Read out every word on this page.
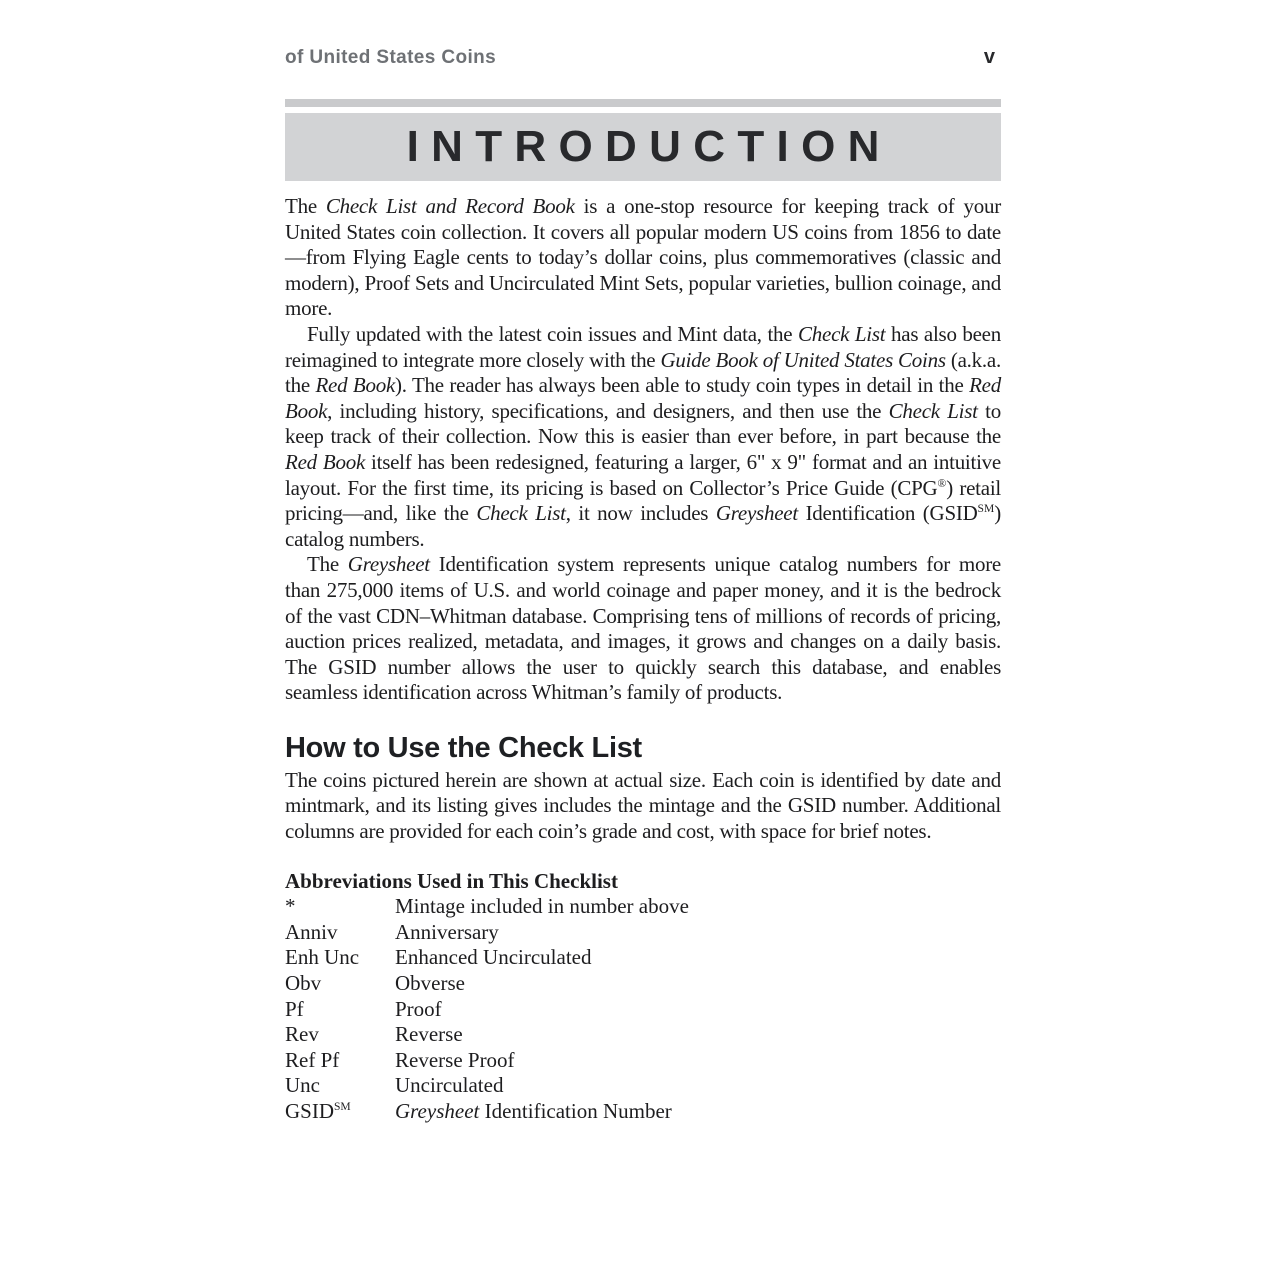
of United States Coins	v
INTRODUCTION

The Check List and Record Book is a one-stop resource for keeping track of your United States coin collection. It covers all popular modern US coins from 1856 to date—from Flying Eagle cents to today’s dollar coins, plus commemoratives (classic and modern), Proof Sets and Uncirculated Mint Sets, popular varieties, bullion coinage, and more.

Fully updated with the latest coin issues and Mint data, the Check List has also been reimagined to integrate more closely with the Guide Book of United States Coins (a.k.a. the Red Book). The reader has always been able to study coin types in detail in the Red Book, including history, specifications, and designers, and then use the Check List to keep track of their collection. Now this is easier than ever before, in part because the Red Book itself has been redesigned, featuring a larger, 6" x 9" format and an intuitive layout. For the first time, its pricing is based on Collector’s Price Guide (CPG®) retail pricing—and, like the Check List, it now includes Greysheet Identification (GSID℠) catalog numbers.

The Greysheet Identification system represents unique catalog numbers for more than 275,000 items of U.S. and world coinage and paper money, and it is the bedrock of the vast CDN–Whitman database. Comprising tens of millions of records of pricing, auction prices realized, metadata, and images, it grows and changes on a daily basis. The GSID number allows the user to quickly search this database, and enables seamless identification across Whitman’s family of products.

How to Use the Check List

The coins pictured herein are shown at actual size. Each coin is identified by date and mintmark, and its listing gives includes the mintage and the GSID number. Additional columns are provided for each coin’s grade and cost, with space for brief notes.

Abbreviations Used in This Checklist

*	Mintage included in number above
Anniv	Anniversary
Enh Unc	Enhanced Uncirculated
Obv	Obverse
Pf	Proof
Rev	Reverse
Ref Pf	Reverse Proof
Unc	Uncirculated
GSID℠	Greysheet Identification Number
